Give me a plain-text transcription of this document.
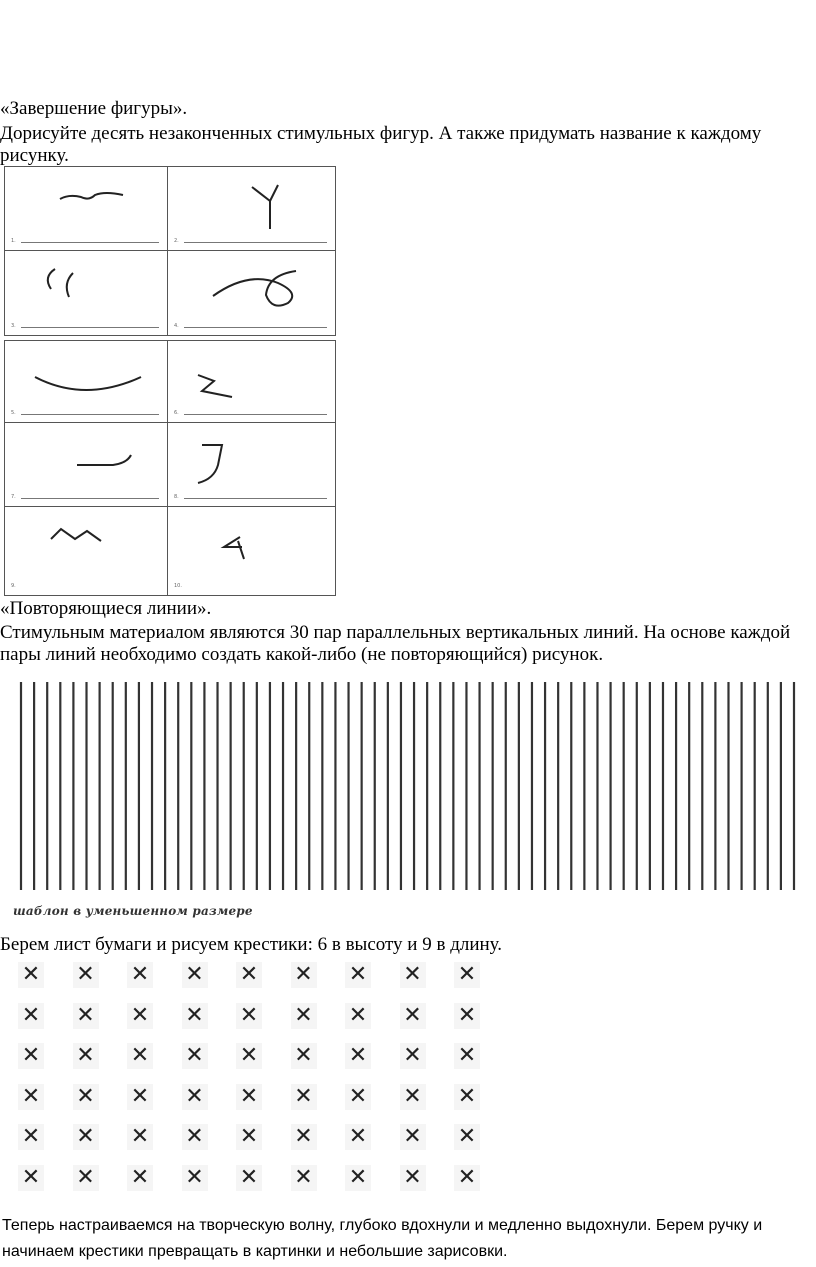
«Завершение фигуры».

Дорисуйте десять незаконченных стимульных фигур. А также придумать название к каждому рисунку.

1.	2.
3.	4.
5.	6.
7.	8.
9.	10.

«Повторяющиеся линии».

Стимульным материалом являются 30 пар параллельных вертикальных линий. На основе каждой пары линий необходимо создать какой-либо (не повторяющийся) рисунок.

шаблон в уменьшенном размере

Берем лист бумаги и рисуем крестики: 6 в высоту и 9 в длину.

✕ ✕ ✕ ✕ ✕ ✕ ✕ ✕ ✕
✕ ✕ ✕ ✕ ✕ ✕ ✕ ✕ ✕
✕ ✕ ✕ ✕ ✕ ✕ ✕ ✕ ✕
✕ ✕ ✕ ✕ ✕ ✕ ✕ ✕ ✕
✕ ✕ ✕ ✕ ✕ ✕ ✕ ✕ ✕
✕ ✕ ✕ ✕ ✕ ✕ ✕ ✕ ✕

Теперь настраиваемся на творческую волну, глубоко вдохнули и медленно выдохнули. Берем ручку и начинаем крестики превращать в картинки и небольшие зарисовки.
